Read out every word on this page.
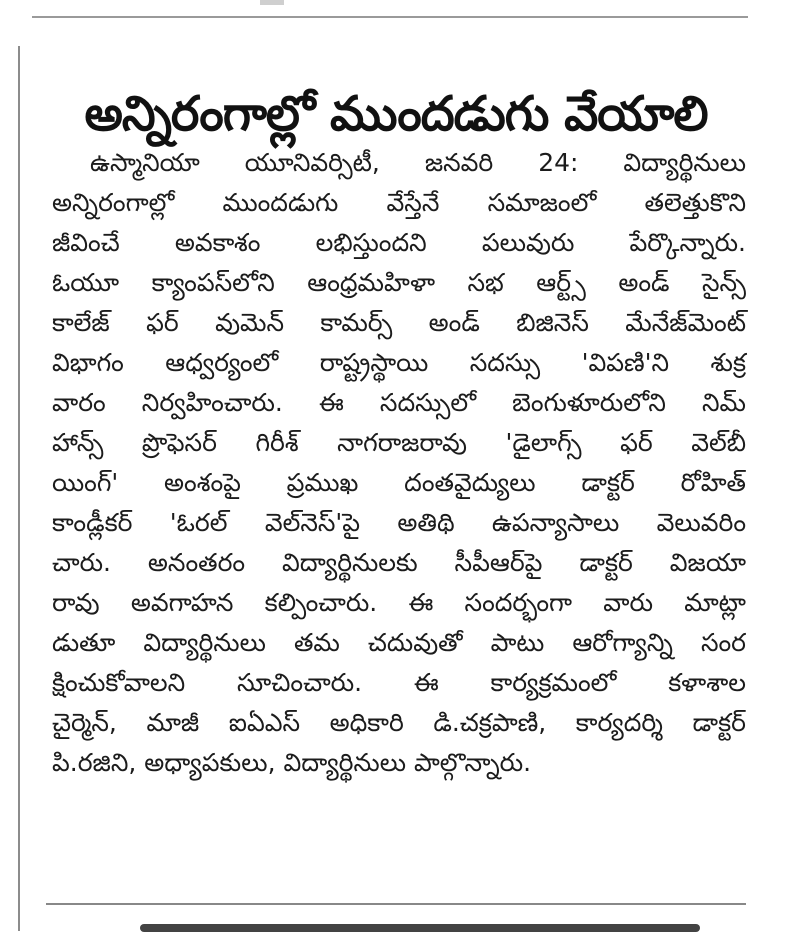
అన్నిరంగాల్లో ముందడుగు వేయాలి
ఉస్మానియా యూనివర్సిటీ, జనవరి 24: విద్యార్థినులు
అన్నిరంగాల్లో ముందడుగు వేస్తేనే సమాజంలో తలెత్తుకొని
జీవించే అవకాశం లభిస్తుందని పలువురు పేర్కొన్నారు.
ఓయూ క్యాంపస్‌లోని ఆంధ్రమహిళా సభ ఆర్ట్స్ అండ్ సైన్స్
కాలేజ్ ఫర్ వుమెన్ కామర్స్ అండ్ బిజినెస్ మేనేజ్‌మెంట్
విభాగం ఆధ్వర్యంలో రాష్ట్రస్థాయి సదస్సు 'విపణి'ని శుక్ర
వారం నిర్వహించారు. ఈ సదస్సులో బెంగుళూరులోని నిమ్
హాన్స్ ప్రొఫెసర్ గిరీశ్ నాగరాజరావు 'డైలాగ్స్ ఫర్ వెల్‌బీ
యింగ్' అంశంపై ప్రముఖ దంతవైద్యులు డాక్టర్ రోహిత్
కాండ్లీకర్ 'ఓరల్ వెల్‌నెస్'పై అతిథి ఉపన్యాసాలు వెలువరిం
చారు. అనంతరం విద్యార్థినులకు సీపీఆర్‌పై డాక్టర్ విజయా
రావు అవగాహన కల్పించారు. ఈ సందర్భంగా వారు మాట్లా
డుతూ విద్యార్థినులు తమ చదువుతో పాటు ఆరోగ్యాన్ని సంర
క్షించుకోవాలని సూచించారు. ఈ కార్యక్రమంలో కళాశాల
చైర్మెన్, మాజీ ఐఏఎస్ అధికారి డి.చక్రపాణి, కార్యదర్శి డాక్టర్
పి.రజిని, అధ్యాపకులు, విద్యార్థినులు పాల్గొన్నారు.
